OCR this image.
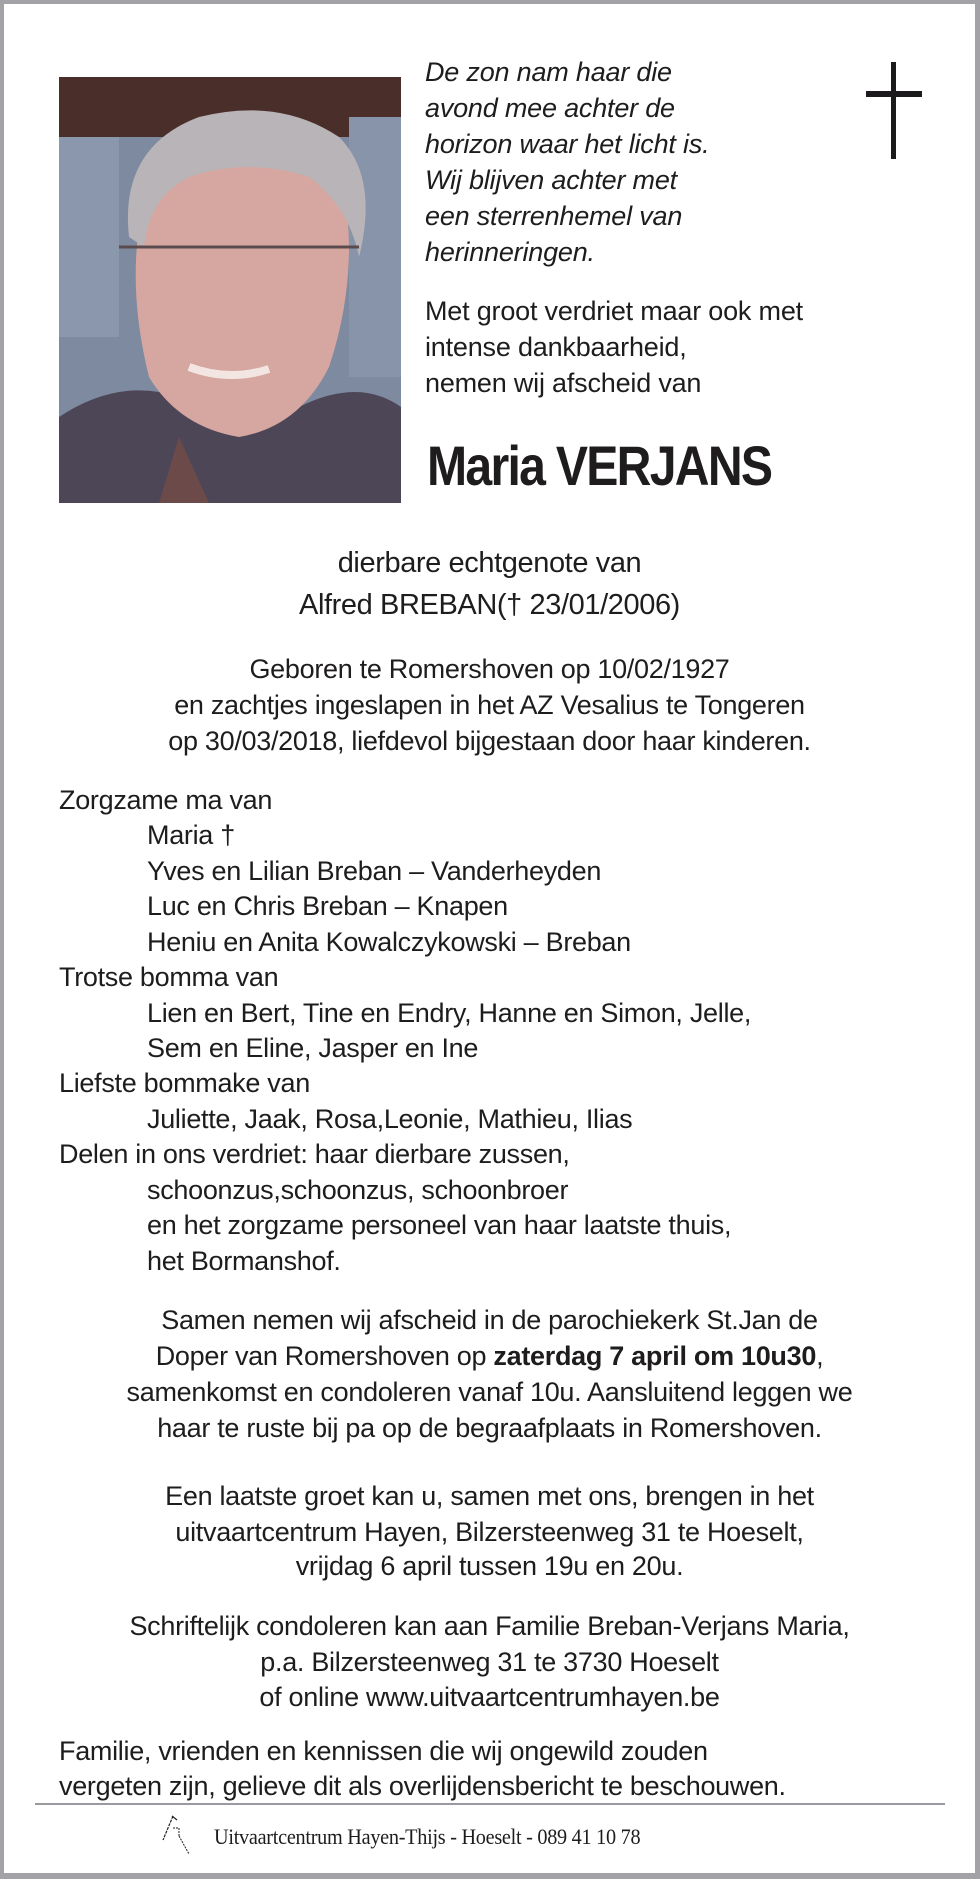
De zon nam haar die
avond mee achter de
horizon waar het licht is.
Wij blijven achter met
een sterrenhemel van
herinneringen.
Met groot verdriet maar ook met
intense dankbaarheid,
nemen wij afscheid van
Maria VERJANS
dierbare echtgenote van
Alfred BREBAN(† 23/01/2006)
Geboren te Romershoven op 10/02/1927
en zachtjes ingeslapen in het AZ Vesalius te Tongeren
op 30/03/2018, liefdevol bijgestaan door haar kinderen.
Zorgzame ma van
Maria †
Yves en Lilian Breban – Vanderheyden
Luc en Chris Breban – Knapen
Heniu en Anita Kowalczykowski – Breban
Trotse bomma van
Lien en Bert, Tine en Endry, Hanne en Simon, Jelle,
Sem en Eline, Jasper en Ine
Liefste bommake van
Juliette, Jaak, Rosa,Leonie, Mathieu, Ilias
Delen in ons verdriet: haar dierbare zussen,
schoonzus,schoonzus, schoonbroer
en het zorgzame personeel van haar laatste thuis,
het Bormanshof.
Samen nemen wij afscheid in de parochiekerk St.Jan de
Doper van Romershoven op zaterdag 7 april om 10u30,
samenkomst en condoleren vanaf 10u. Aansluitend leggen we
haar te ruste bij pa op de begraafplaats in Romershoven.
Een laatste groet kan u, samen met ons, brengen in het
uitvaartcentrum Hayen, Bilzersteenweg 31 te Hoeselt,
vrijdag 6 april tussen 19u en 20u.
Schriftelijk condoleren kan aan Familie Breban-Verjans Maria,
p.a. Bilzersteenweg 31 te 3730 Hoeselt
of online www.uitvaartcentrumhayen.be
Familie, vrienden en kennissen die wij ongewild zouden
vergeten zijn, gelieve dit als overlijdensbericht te beschouwen.
Uitvaartcentrum Hayen-Thijs - Hoeselt - 089 41 10 78
